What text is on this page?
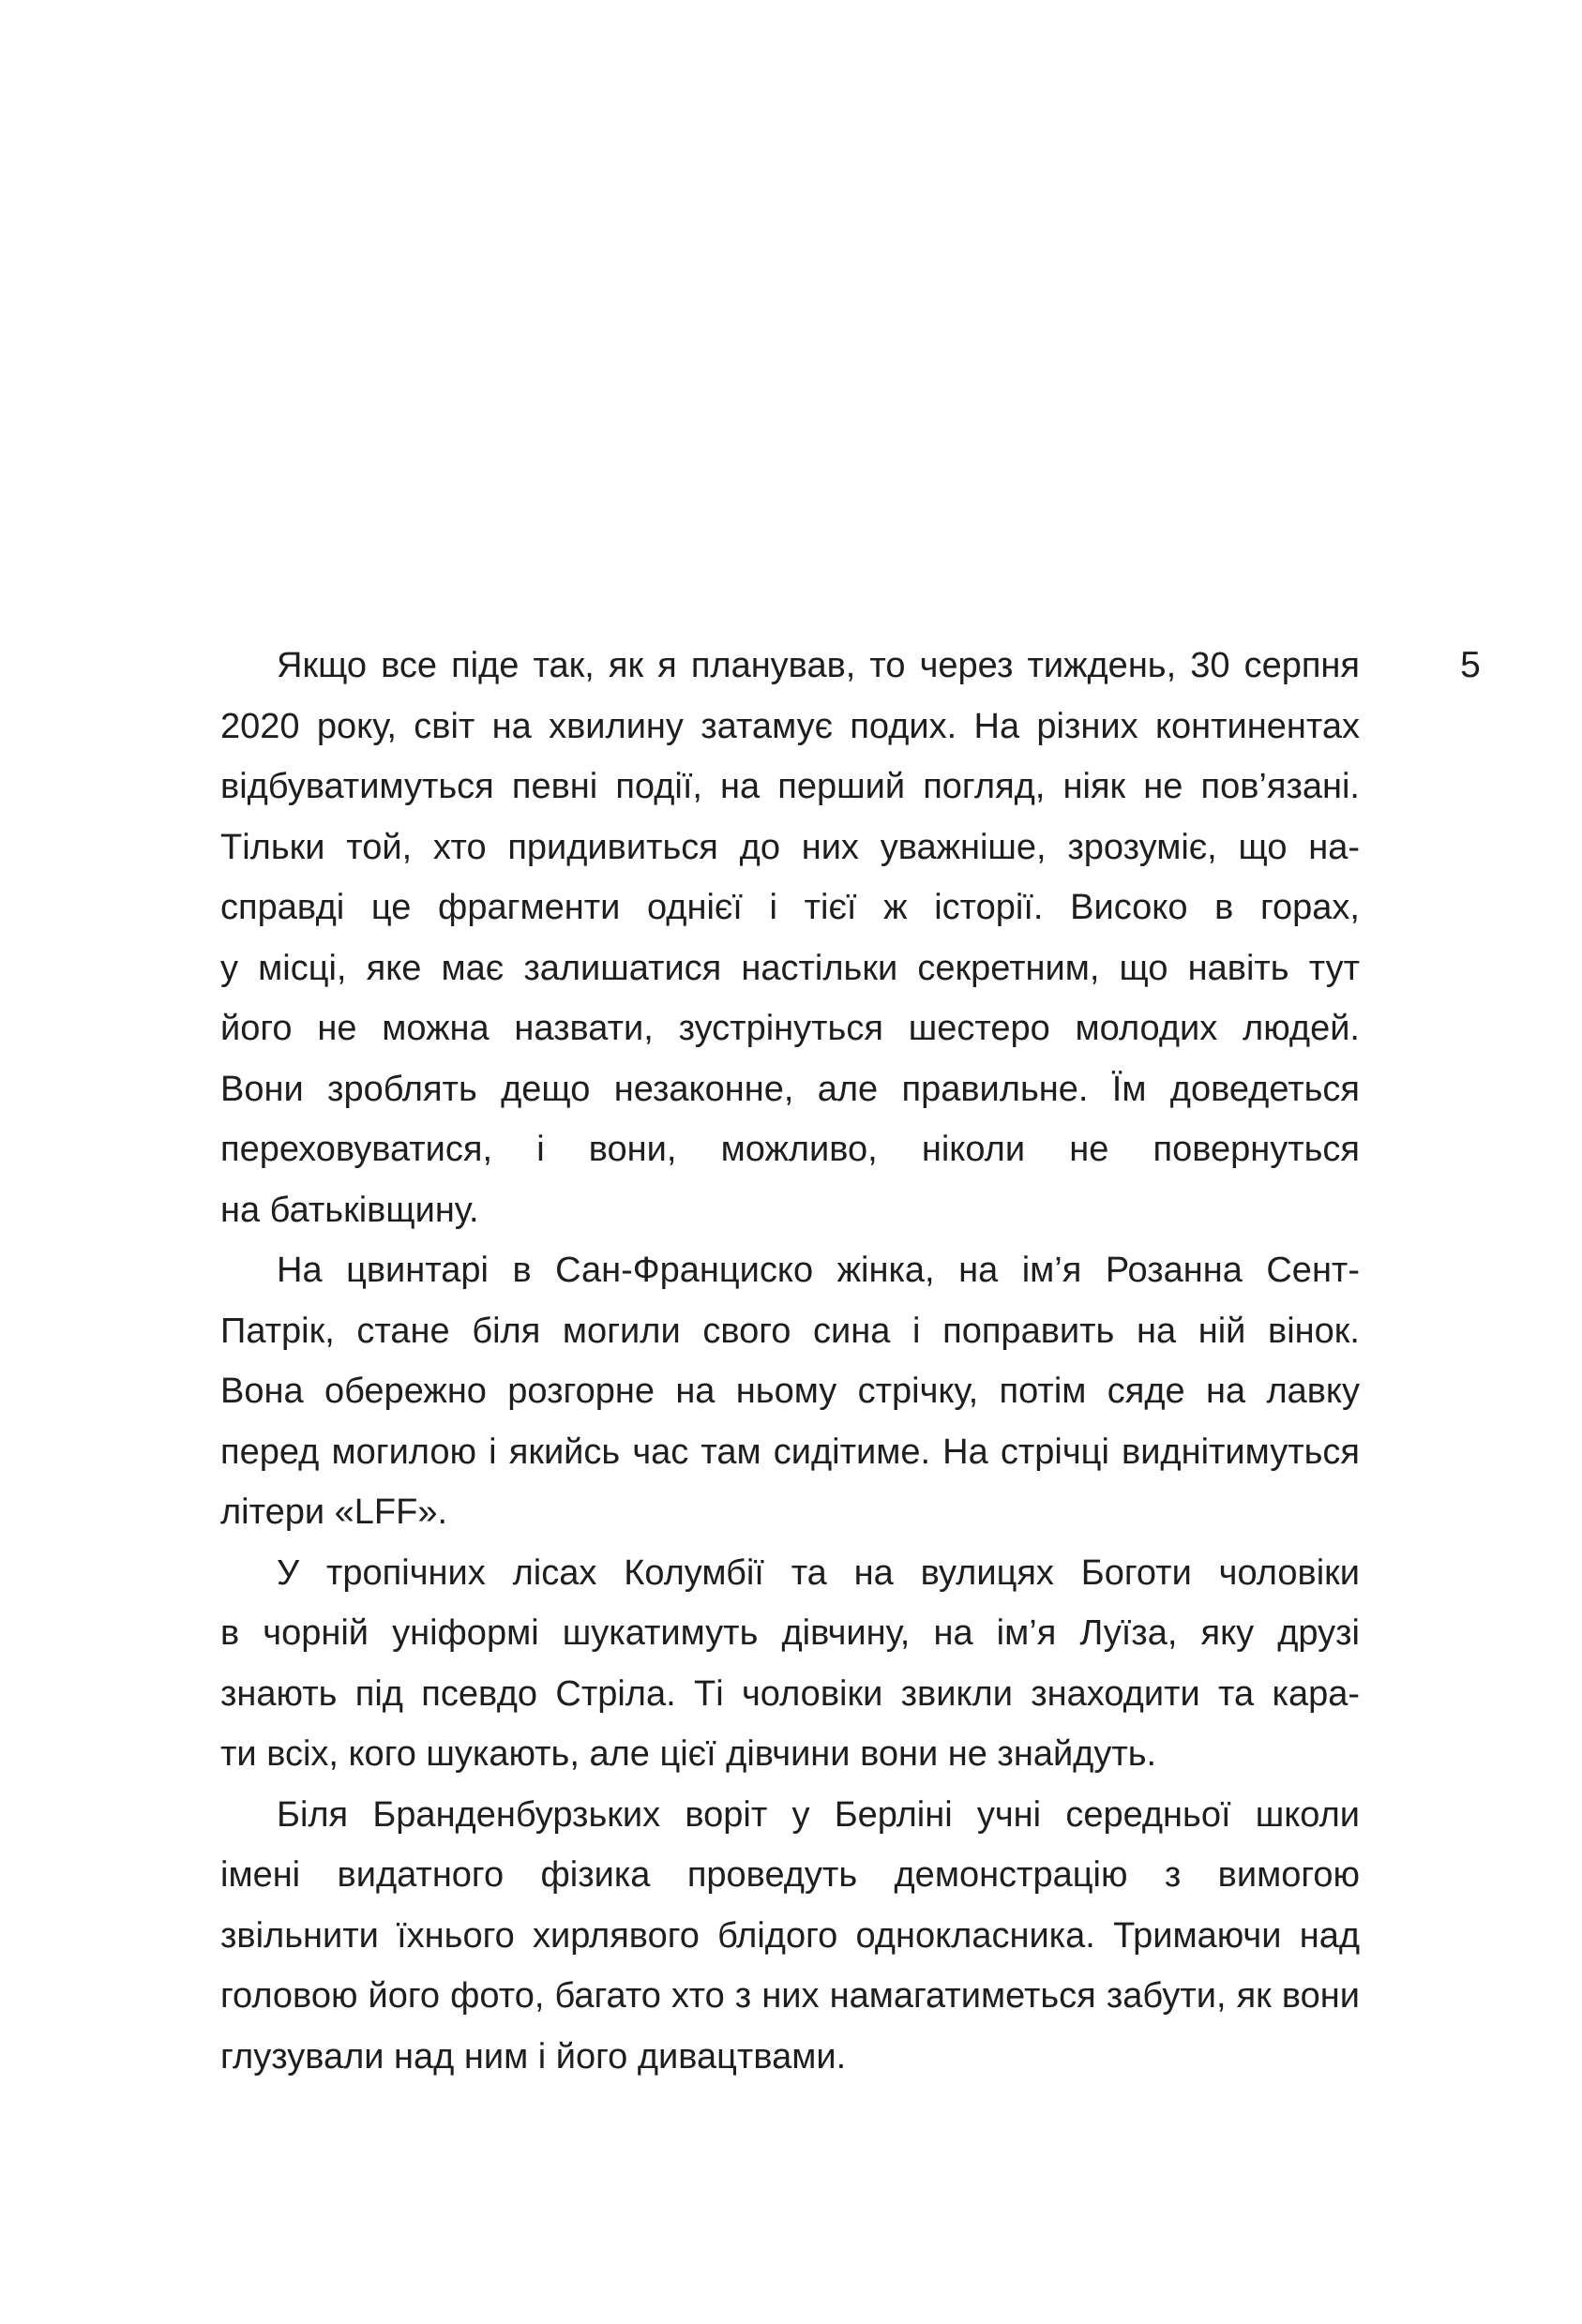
5
Якщо все піде так, як я планував, то через тиждень, 30 серпня
2020 року, світ на хвилину затамує подих. На різних континентах
відбуватимуться певні події, на перший погляд, ніяк не пов’язані.
Тільки той, хто придивиться до них уважніше, зрозуміє, що на-
справді це фрагменти однієї і тієї ж історії. Високо в горах,
у місці, яке має залишатися настільки секретним, що навіть тут
його не можна назвати, зустрінуться шестеро молодих людей.
Вони зроблять дещо незаконне, але правильне. Їм доведеться
переховуватися, і вони, можливо, ніколи не повернуться
на батьківщину.
На цвинтарі в Сан-Франциско жінка, на ім’я Розанна Сент-
Патрік, стане біля могили свого сина і поправить на ній вінок.
Вона обережно розгорне на ньому стрічку, потім сяде на лавку
перед могилою і якийсь час там сидітиме. На стрічці виднітимуться
літери «LFF».
У тропічних лісах Колумбії та на вулицях Боготи чоловіки
в чорній уніформі шукатимуть дівчину, на ім’я Луїза, яку друзі
знають під псевдо Стріла. Ті чоловіки звикли знаходити та кара-
ти всіх, кого шукають, але цієї дівчини вони не знайдуть.
Біля Бранденбурзьких воріт у Берліні учні середньої школи
імені видатного фізика проведуть демонстрацію з вимогою
звільнити їхнього хирлявого блідого однокласника. Тримаючи над
головою його фото, багато хто з них намагатиметься забути, як вони
глузували над ним і його дивацтвами.
